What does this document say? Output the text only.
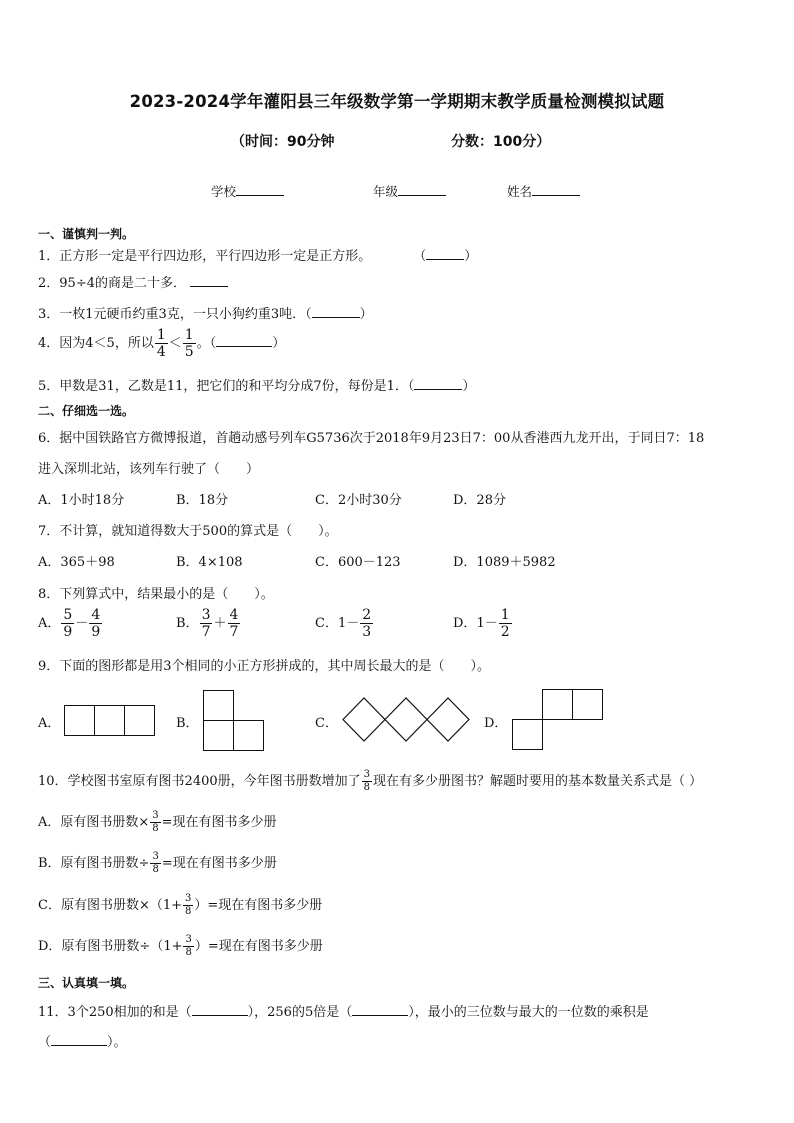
2023-2024学年灌阳县三年级数学第一学期期末教学质量检测模拟试题
（时间：90分钟	分数：100分）
学校	年级	姓名
一、谨慎判一判。
1．正方形一定是平行四边形，平行四边形一定是正方形。	（	）
2．95÷4的商是二十多．
3．一枚1元硬币约重3克，一只小狗约重3吨．（	）
4．因为4＜5，所以 $\frac{1}{4} < \frac{1}{5}$ 。（	）
5．甲数是31，乙数是11，把它们的和平均分成7份，每份是1．（	）
二、仔细选一选。
6．据中国铁路官方微博报道，首趟动感号列车G5736次于2018年9月23日7：00从香港西九龙开出，于同日7：18
进入深圳北站，该列车行驶了（　　）
A．1小时18分	B．18分	C．2小时30分	D．28分
7．不计算，就知道得数大于500的算式是（　　）。
A．365＋98	B．4×108	C．600－123	D．1089＋5982
8．下列算式中，结果最小的是（　　）。
A． $\frac{5}{9} - \frac{4}{9}$	B． $\frac{3}{7} + \frac{4}{7}$	C．$1- \frac{2}{3}$	D．$1- \frac{1}{2}$
9．下面的图形都是用3个相同的小正方形拼成的，其中周长最大的是（　　）。
A．	B．	C．	D．
10．学校图书室原有图书2400册，今年图书册数增加了 $\frac{3}{8}$ 现在有多少册图书？解题时要用的基本数量关系式是（ ）
A．原有图书册数× $\frac{3}{8}$ =现在有图书多少册
B．原有图书册数÷ $\frac{3}{8}$ =现在有图书多少册
C．原有图书册数$\times(1+ \frac{3}{8}$ ）=现在有图书多少册
D．原有图书册数$\div(1+ \frac{3}{8}$ ）=现在有图书多少册
三、认真填一填。
11．3个250相加的和是（	），256的5倍是（	），最小的三位数与最大的一位数的乘积是
（	）。
